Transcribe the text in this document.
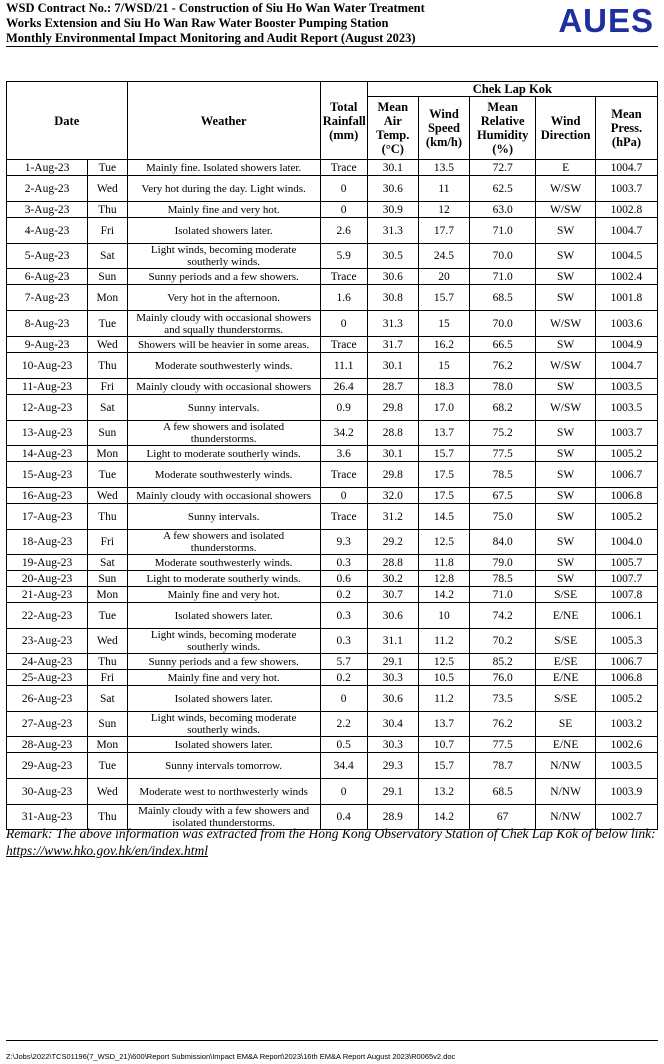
WSD Contract No.: 7/WSD/21 - Construction of Siu Ho Wan Water Treatment
Works Extension and Siu Ho Wan Raw Water Booster Pumping Station
Monthly Environmental Impact Monitoring and Audit Report (August 2023)	AUES
Date		Weather	Total Rainfall (mm)	Chek Lap Kok				
				Mean Air Temp. (°C)	Wind Speed (km/h)	Mean Relative Humidity (%)	Wind Direction	Mean Press. (hPa)
1-Aug-23	Tue	Mainly fine. Isolated showers later.	Trace	30.1	13.5	72.7	E	1004.7
2-Aug-23	Wed	Very hot during the day. Light winds.	0	30.6	11	62.5	W/SW	1003.7
3-Aug-23	Thu	Mainly fine and very hot.	0	30.9	12	63.0	W/SW	1002.8
4-Aug-23	Fri	Isolated showers later.	2.6	31.3	17.7	71.0	SW	1004.7
5-Aug-23	Sat	Light winds, becoming moderate southerly winds.	5.9	30.5	24.5	70.0	SW	1004.5
6-Aug-23	Sun	Sunny periods and a few showers.	Trace	30.6	20	71.0	SW	1002.4
7-Aug-23	Mon	Very hot in the afternoon.	1.6	30.8	15.7	68.5	SW	1001.8
8-Aug-23	Tue	Mainly cloudy with occasional showers and squally thunderstorms.	0	31.3	15	70.0	W/SW	1003.6
9-Aug-23	Wed	Showers will be heavier in some areas.	Trace	31.7	16.2	66.5	SW	1004.9
10-Aug-23	Thu	Moderate southwesterly winds.	11.1	30.1	15	76.2	W/SW	1004.7
11-Aug-23	Fri	Mainly cloudy with occasional showers	26.4	28.7	18.3	78.0	SW	1003.5
12-Aug-23	Sat	Sunny intervals.	0.9	29.8	17.0	68.2	W/SW	1003.5
13-Aug-23	Sun	A few showers and isolated thunderstorms.	34.2	28.8	13.7	75.2	SW	1003.7
14-Aug-23	Mon	Light to moderate southerly winds.	3.6	30.1	15.7	77.5	SW	1005.2
15-Aug-23	Tue	Moderate southwesterly winds.	Trace	29.8	17.5	78.5	SW	1006.7
16-Aug-23	Wed	Mainly cloudy with occasional showers	0	32.0	17.5	67.5	SW	1006.8
17-Aug-23	Thu	Sunny intervals.	Trace	31.2	14.5	75.0	SW	1005.2
18-Aug-23	Fri	A few showers and isolated thunderstorms.	9.3	29.2	12.5	84.0	SW	1004.0
19-Aug-23	Sat	Moderate southwesterly winds.	0.3	28.8	11.8	79.0	SW	1005.7
20-Aug-23	Sun	Light to moderate southerly winds.	0.6	30.2	12.8	78.5	SW	1007.7
21-Aug-23	Mon	Mainly fine and very hot.	0.2	30.7	14.2	71.0	S/SE	1007.8
22-Aug-23	Tue	Isolated showers later.	0.3	30.6	10	74.2	E/NE	1006.1
23-Aug-23	Wed	Light winds, becoming moderate southerly winds.	0.3	31.1	11.2	70.2	S/SE	1005.3
24-Aug-23	Thu	Sunny periods and a few showers.	5.7	29.1	12.5	85.2	E/SE	1006.7
25-Aug-23	Fri	Mainly fine and very hot.	0.2	30.3	10.5	76.0	E/NE	1006.8
26-Aug-23	Sat	Isolated showers later.	0	30.6	11.2	73.5	S/SE	1005.2
27-Aug-23	Sun	Light winds, becoming moderate southerly winds.	2.2	30.4	13.7	76.2	SE	1003.2
28-Aug-23	Mon	Isolated showers later.	0.5	30.3	10.7	77.5	E/NE	1002.6
29-Aug-23	Tue	Sunny intervals tomorrow.	34.4	29.3	15.7	78.7	N/NW	1003.5
30-Aug-23	Wed	Moderate west to northwesterly winds	0	29.1	13.2	68.5	N/NW	1003.9
31-Aug-23	Thu	Mainly cloudy with a few showers and isolated thunderstorms.	0.4	28.9	14.2	67	N/NW	1002.7
Remark: The above information was extracted from the Hong Kong Observatory Station of Chek Lap Kok of below link: https://www.hko.gov.hk/en/index.html
Z:\Jobs\2022\TCS01196(7_WSD_21)\600\Report Submission\Impact EM&A Report\2023\16th EM&A Report August 2023\R0065v2.doc
